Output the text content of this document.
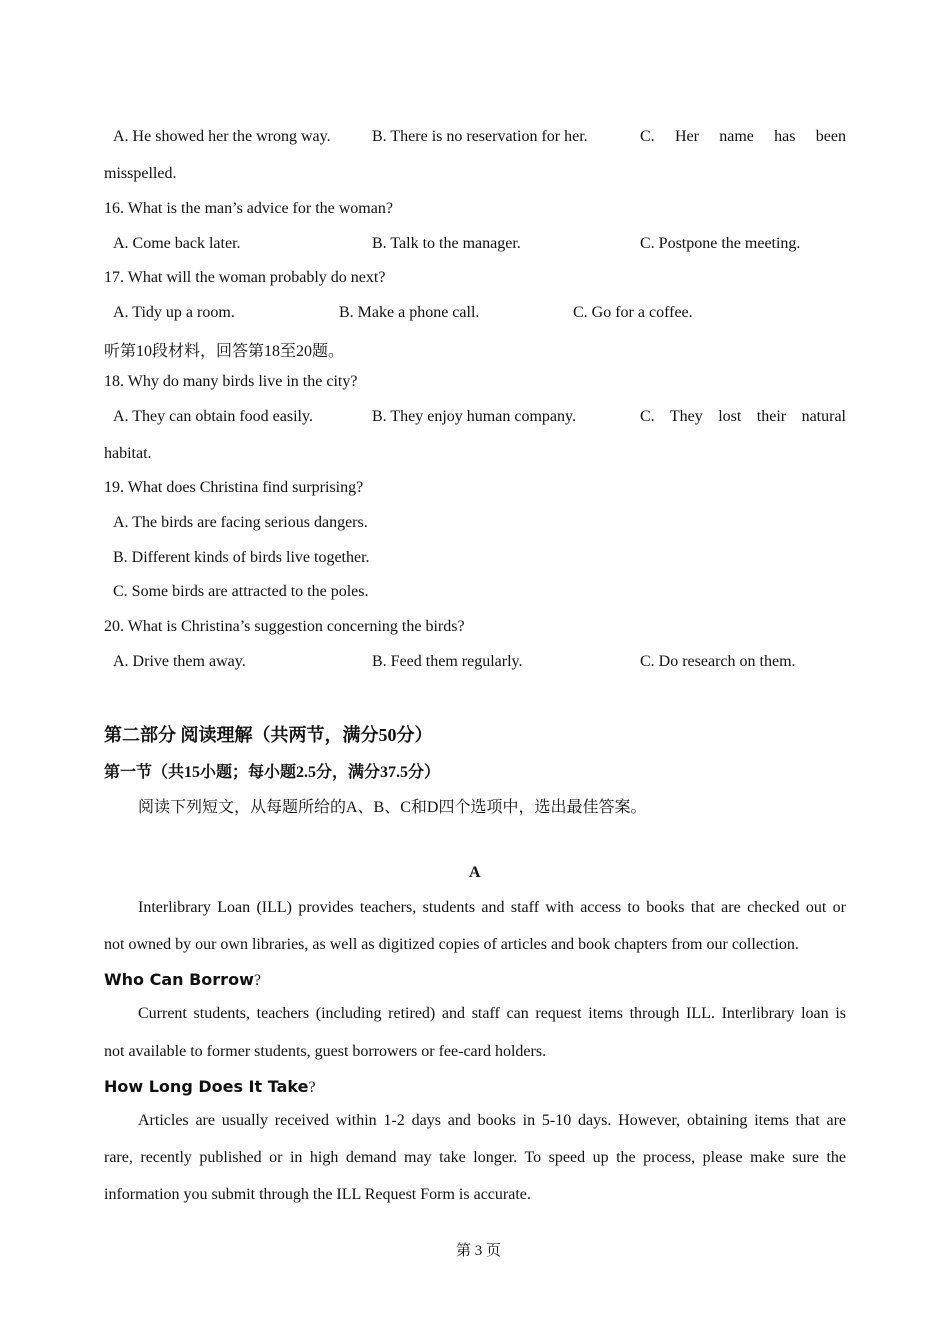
A. He showed her the wrong way.	B. There is no reservation for her.	C. Her name has been
misspelled.
16. What is the man’s advice for the woman?
A. Come back later.	B. Talk to the manager.	C. Postpone the meeting.
17. What will the woman probably do next?
A. Tidy up a room.	B. Make a phone call.	C. Go for a coffee.
听第10段材料，回答第18至20题。
18. Why do many birds live in the city?
A. They can obtain food easily.	B. They enjoy human company.	C. They lost their natural
habitat.
19. What does Christina find surprising?
A. The birds are facing serious dangers.
B. Different kinds of birds live together.
C. Some birds are attracted to the poles.
20. What is Christina’s suggestion concerning the birds?
A. Drive them away.	B. Feed them regularly.	C. Do research on them.
第二部分 阅读理解（共两节，满分50分）
第一节（共15小题；每小题2.5分，满分37.5分）
阅读下列短文，从每题所给的A、B、C和D四个选项中，选出最佳答案。
A
Interlibrary Loan (ILL) provides teachers, students and staff with access to books that are checked out or
not owned by our own libraries, as well as digitized copies of articles and book chapters from our collection.
Who Can Borrow?
Current students, teachers (including retired) and staff can request items through ILL. Interlibrary loan is
not available to former students, guest borrowers or fee-card holders.
How Long Does It Take?
Articles are usually received within 1-2 days and books in 5-10 days. However, obtaining items that are
rare, recently published or in high demand may take longer. To speed up the process, please make sure the
information you submit through the ILL Request Form is accurate.
第 3 页
